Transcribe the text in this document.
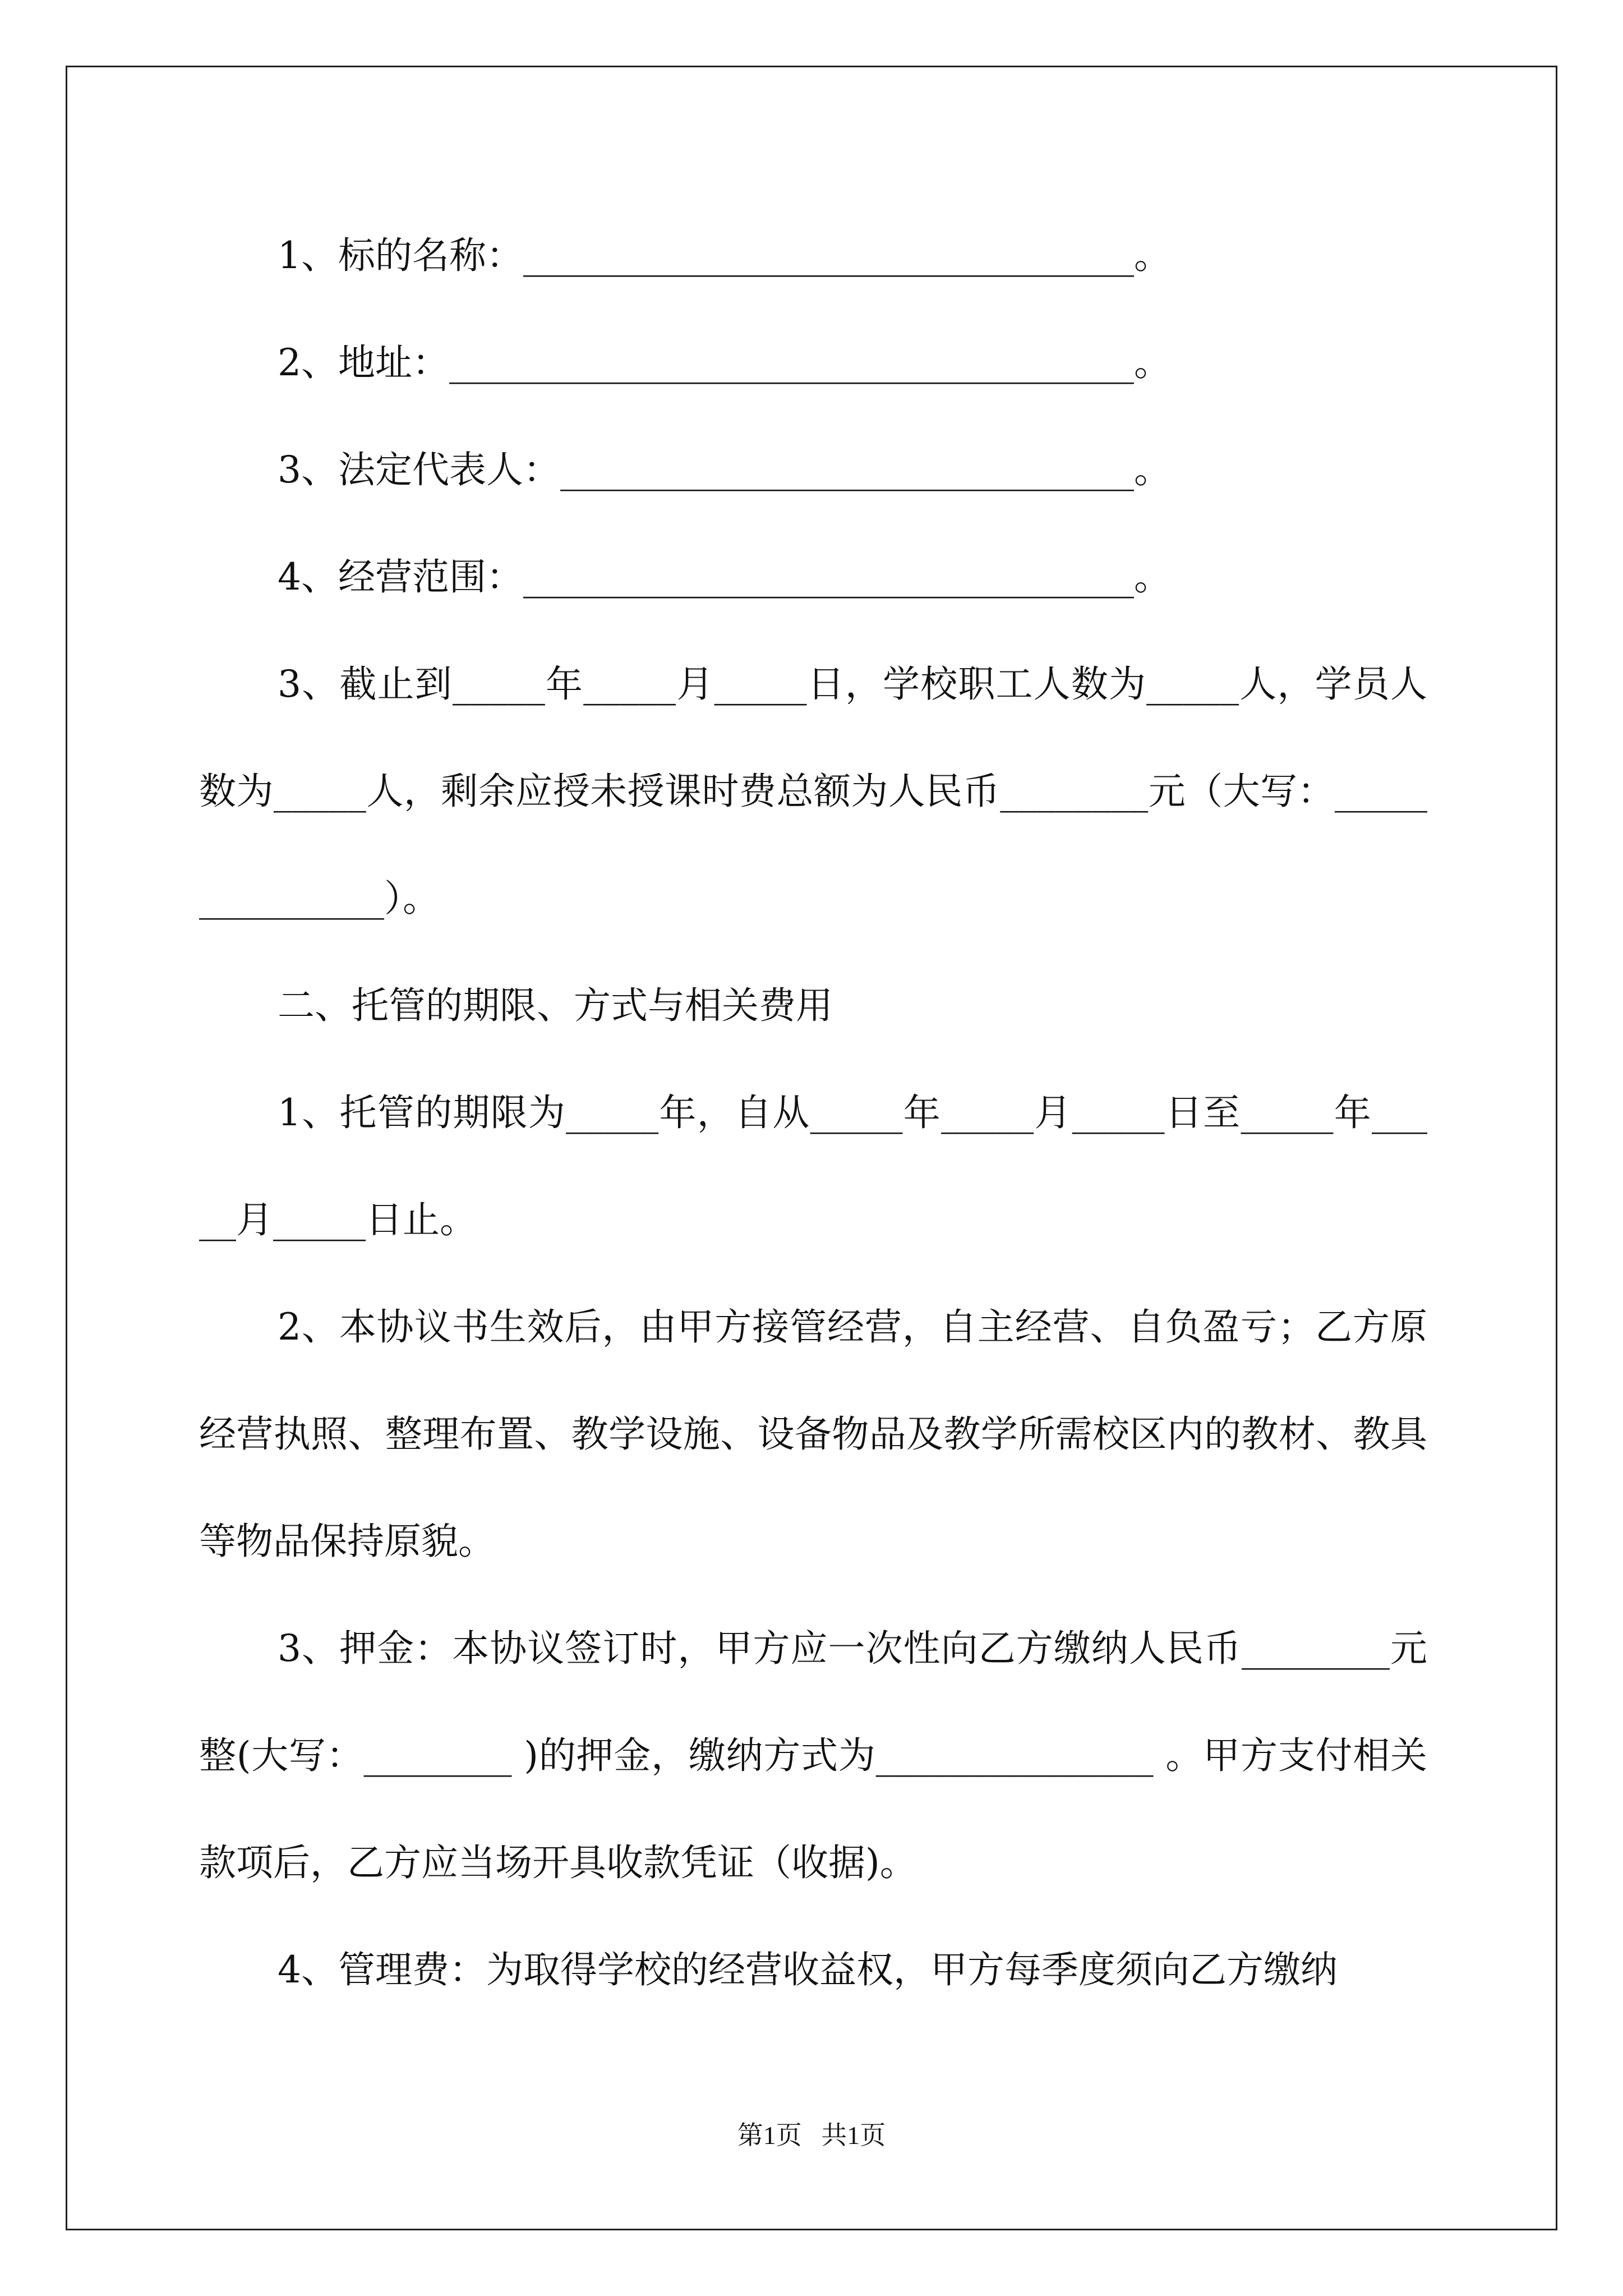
1、标的名称：_________________________________。

2、地址：_____________________________________。

3、法定代表人：_______________________________。

4、经营范围：_________________________________。

3、截止到_____年_____月_____日，学校职工人数为_____人，学员人数为_____人，剩余应授未授课时费总额为人民币________元（大写：_______________）。

二、托管的期限、方式与相关费用

1、托管的期限为_____年，自从_____年_____月_____日至_____年_____月_____日止。

2、本协议书生效后，由甲方接管经营，自主经营、自负盈亏；乙方原经营执照、整理布置、教学设施、设备物品及教学所需校区内的教材、教具等物品保持原貌。

3、押金：本协议签订时，甲方应一次性向乙方缴纳人民币________元整(大写：________ )的押金，缴纳方式为_______________ 。甲方支付相关款项后，乙方应当场开具收款凭证（收据)。

4、管理费：为取得学校的经营收益权，甲方每季度须向乙方缴纳

第1页   共1页
